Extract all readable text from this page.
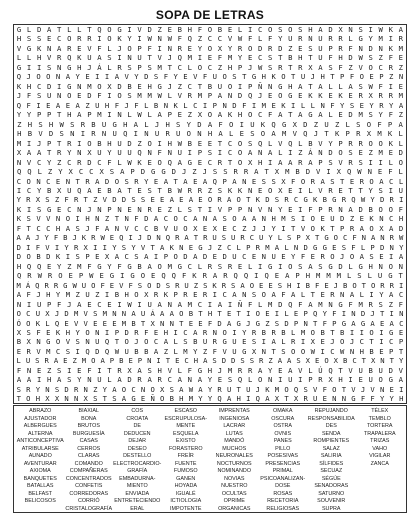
SOPA DE LETRAS
G L D A T L L T Q O G I V D Z E B H F O B E L I C O S O S H A D X N S I W K A
H S S E C O R R I O K Y I W N W F Q Z C C V W F L F Y U R N U R R L G Y M I R
V G K N A R E V F L J O P F I N R E Y O X Y R O D R D Z E S U P R F N D N K M
L L H V R Q K U A S I N U T V J Q M I E F M Y E C S T B H T U F H D W S Z F E
G I I S N G H J Á L R S P S M T C L O C Z H P J W S R T R X A S F Z V O C R Z
Q J O O N A Y E I I A V Y D S F Y E V F U O S T G H K O T U J H T P F O E P Z N
K H C D I G N M O X D B E H G J Z C T B U O I P Ñ N G H A T A L L A S W F I E
J F S U N O E D F I O S M M W L V R M P A N D Q J E O G E K K E K E R X R R M
Q F I E A E A Z U H F J F L B N K L C I P N D F I M E K I L L N F Y S E Y R Y A
Y Y P P T H A P M I N L W L A P E Z X O A K H O C F A T A G A L E D M S Y F Z
Z H S H W S R B U G H A L J H S Y D A F O I U K Q G X D Z U Z L S O F P A
H B V D S N I R N U Q I N U R U O N H A L E S O A M V Q J T K P R X M K L
M I J P T R I O B H U D Z O I H W B E E T C O S Q L V Q L B V Y P R R O O K L
X A A T R Y N X U Y U U Q N F N U I P S I C O A N A L I Z Á N D O S E Z M E D
N V C Y Z C R D C F L W K E O Q A G E C R T O X H I A A R A P S V R S I I L O
Q Q L Z Y X C C X S A P D G G D J Z J S S R R A T X M B D V I X Q W N E F L
C O N C E N T R A D O S R Y E A T A E A Q P A N E S S X F O R A S T E R O A C L
I C Y B X U Q A E B A T E S T B W R R Z S K K N E O X E I L V R E T T Y S I U
Y R X S Z F R T Z V D D S S E E A E A E O R A O T K D S R C G K B G R Q W Y D R I
K I S G E C N J N P N E N R E Z L S T I V P P N V N Y E I F P R N A D B O O F
K S V V N O I H N Z T N F D A C O C A N A S O A A N H M S I O E U D Z E K N C H
F T C C H A S J F A N V C C B V U O X E X E C Z J J Y I T V O K T P R A O X A D
A A J Y F B J K R W E Q I J D N Q R A T R U S U R C U Y L S P X T G O C F N A N R W
D I F V I Y R X I I Y S Y V T A K N E G J Z C L P R M A L N D G G E S F L P D N Y
D O B D K I S P E X A C S A I P O D A D E D U C E N U E Y F E R O J O A S E I A
H Q Q E Y Z M F G Y F G B A O M G C L R S R E L I G I O S A S G D L G H N O N
Q R W R O E P W E G I G O E Q Q F K R A R Q Q I Q E A P H M M M L S L U G T
M Á Q R R G W U O F E V F S O D S R U Z S K R S A O E E S H I B F E J B O T O R R I
A F J H Y M Z U Z I B H O X R K P R E R I C A N S O A F A L T E R N A L I Y A C
N I U P F J A E C E I W I U A N A M C I A I Ñ F L M D Q F A M N G F M R S Z F
O C U X J D M V S M N N A U Á A A O B T H T E T I O E I L E P Q Y F I N D J T I N
Ó O K L Q E V V E E E M B T X N N T E E F D A G J G Z S D P N T F P G A G A E A C
X S F E K H Y O N I P D R F E H I C A R N O I Y R B R B L M O B T B I I O I G E
B X N G O V S N U Q T O J O C A L S B U R G U E S I A L R I X E J O J C T I C P
E R V M C S I Q D Q W U B B A Z L M Y Z F V U G X N T S O O W I C W N H B E P T
L U S R A E Z M O A P B E P N I T E C H A S D D S S R Z A A S X E O X B C T X N T Y
F N E Z S I E F I T R X A S H V L F G H J M R R A Y E A V L Ú Q T V U B U D V
A A I H A S Y N U L A D R A R C A N A Y E S Q L O N I U I P R X H I E U O G A
S R Y N S D R N Z Y A O C N O X S A W A Y R U T U J K M O Q S V F O T V J V N E I
T O H X X N N X S T S A G E Ñ O B H M Y Y Q A H I Q A X T X R U E N N G F F Y Y H
ABRAZO
AJUSTADOR
ALBERGUES
ALTERNA
ANTICONCEPTIVA
ATRIBULARSE
AUNADO
AVENTURAR
AXIOMA
BANQUETES
BATALLAS
BELFAST
BELICOSOS
BIAXIAL
BONA
BRUTOS
BURGUESÍA
CASAS
CERROS
CLARAS
COMANDO
COMPAÑERAS
CONCENTRADOS
CONFETIS
CORREDORAS
CORRIÓ
CRISTALOGRAFÍA
COS
CROATA
DE
DEDUCEN
DEJAR
DESEO
DESTELLO
ELECTROCARDIO-
GRAFÍA
EMBADURNA-
MIENTO
ENVIADA
ENTRETECIENDO
ERAL
ESCASO
ESCRUPULOSA-
MENTE
ESQUELA
EXISTO
FORASTERO
FREÍR
FUENTE
FUMOSO
GANEN
HOYADA
IGUALÉ
ICTIOLOGIA
IMPOTENTE
IMPRENTAS
INGENIOSA
LACRAR
LUTAS
MANDÓ
MUCHOS
NEURONALES
NOCTURNOS
NOMINANDO
NOVIAS
NUESTRO
OCULTAS
OPRIME
ORGANICAS
OMAKA
OSCURA
OSTRA
OVNIS
PANES
PILLO
POSESIVAS
PRESENCIAS
PRIMAL
PSICOANALIZAN-
DOSE
ROSAS
RECETORIA
RELIGIOSAS
REPUJANDO
RESPONSABILIDA
DES
SENDA
ROMPIENTES
SALAZ
SALIRIA
SÍLFIDES
SECUAZ
SÉGÚE
SENADORAS
SATURNO
SOUVENIR
SUPRA
TÉLEX
TEMBLO
TORTERA
TRAPALERA
TRIZAS
VAHO
VIGILAR
ZANCA
